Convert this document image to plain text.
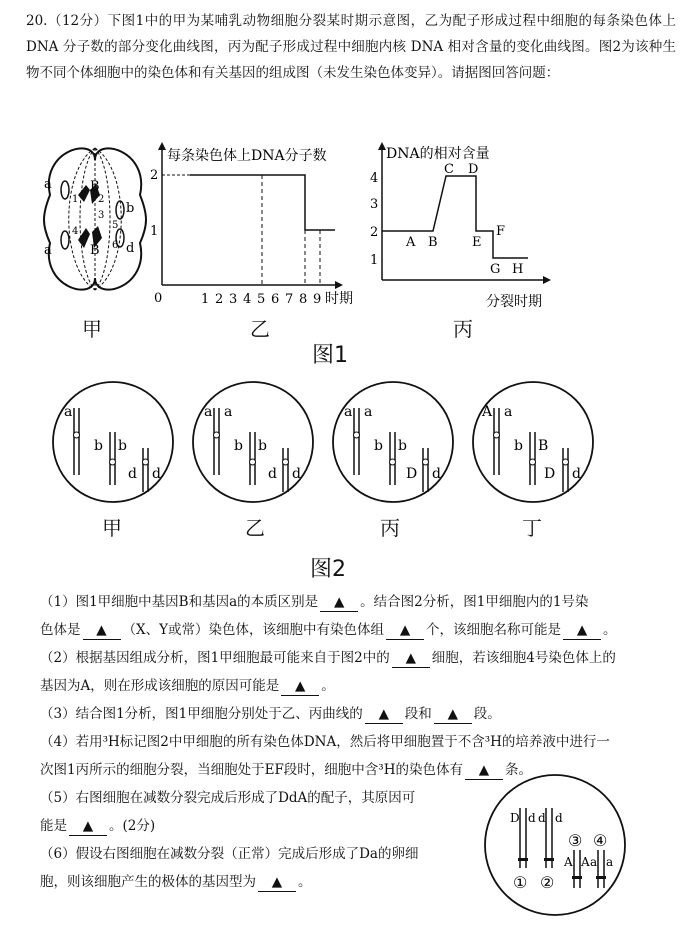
20.（12分）下图1中的甲为某哺乳动物细胞分裂某时期示意图，乙为配子形成过程中细胞的每条染色体上 DNA 分子数的部分变化曲线图，丙为配子形成过程中细胞内核 DNA 相对含量的变化曲线图。图2为该种生物不同个体细胞中的染色体和有关基因的组成图（未发生染色体变异）。请据图回答问题：
a	B
b
B
a	d
1 2
3
4
5
6
每条染色体上DNA分子数
2
1
0	1 2 3 4 5 6 7 8 9 时期
DNA的相对含量
4
3
2
1
A B
C D
E
F
G H
分裂时期
甲	乙	丙
图1
a
b b
d d
a a
b b
d d
a a
b b
D d
A a
b B
D d
甲	乙	丙	丁
图2
D d d d
A A a a
① ②
③ ④
（1）图1甲细胞中基因B和基因a的本质区别是 ▲ 。结合图2分析，图1甲细胞内的1号染
色体是 ▲ （X、Y或常）染色体，该细胞中有染色体组 ▲ 个，该细胞名称可能是 ▲ 。
（2）根据基因组成分析，图1甲细胞最可能来自于图2中的 ▲ 细胞，若该细胞4号染色体上的
基因为A，则在形成该细胞的原因可能是 ▲ 。
（3）结合图1分析，图1甲细胞分别处于乙、丙曲线的 ▲ 段和 ▲ 段。
（4）若用³H标记图2中甲细胞的所有染色体DNA，然后将甲细胞置于不含³H的培养液中进行一
次图1丙所示的细胞分裂，当细胞处于EF段时，细胞中含³H的染色体有 ▲ 条。
（5）右图细胞在减数分裂完成后形成了DdA的配子，其原因可
能是 ▲ 。(2分)
（6）假设右图细胞在减数分裂（正常）完成后形成了Da的卵细
胞，则该细胞产生的极体的基因型为 ▲ 。
